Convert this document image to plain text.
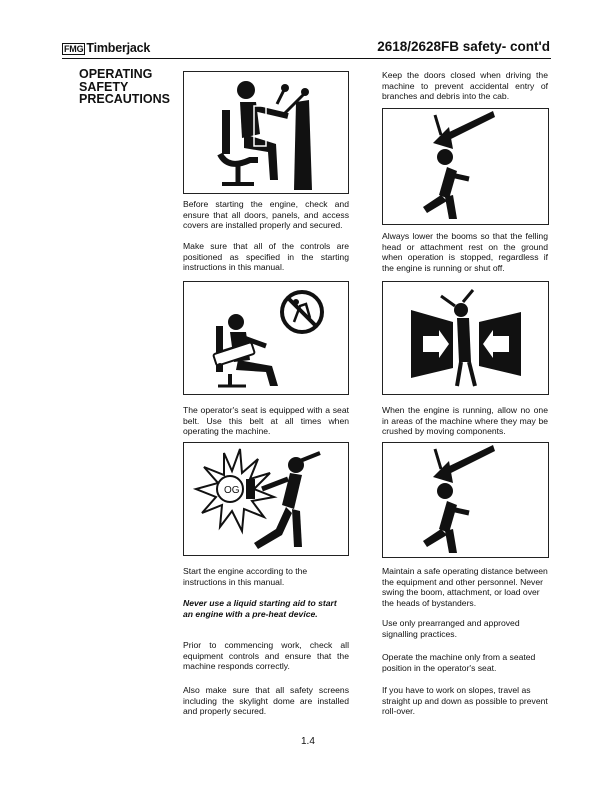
FMG Timberjack	2618/2628FB safety- cont'd
OPERATING
SAFETY
PRECAUTIONS
Before starting the engine, check and ensure that all doors, panels, and access covers are installed properly and secured.
Make sure that all of the controls are positioned as specified in the starting instructions in this manual.
The operator's seat is equipped with a seat belt. Use this belt at all times when operating the machine.
OG
Start the engine according to the instructions in this manual.
Never use a liquid starting aid to start an engine with a pre-heat device.
Prior to commencing work, check all equipment controls and ensure that the machine responds correctly.
Also make sure that all safety screens including the skylight dome are installed and properly secured.
Keep the doors closed when driving the machine to prevent accidental entry of branches and debris into the cab.
Always lower the booms so that the felling head or attachment rest on the ground when operation is stopped, regardless if the engine is running or shut off.
When the engine is running, allow no one in areas of the machine where they may be crushed by moving components.
Maintain a safe operating distance between the equipment and other personnel. Never swing the boom, attachment, or load over the heads of bystanders.
Use only prearranged and approved signalling practices.
Operate the machine only from a seated position in the operator's seat.
If you have to work on slopes, travel as straight up and down as possible to prevent roll-over.
1.4
